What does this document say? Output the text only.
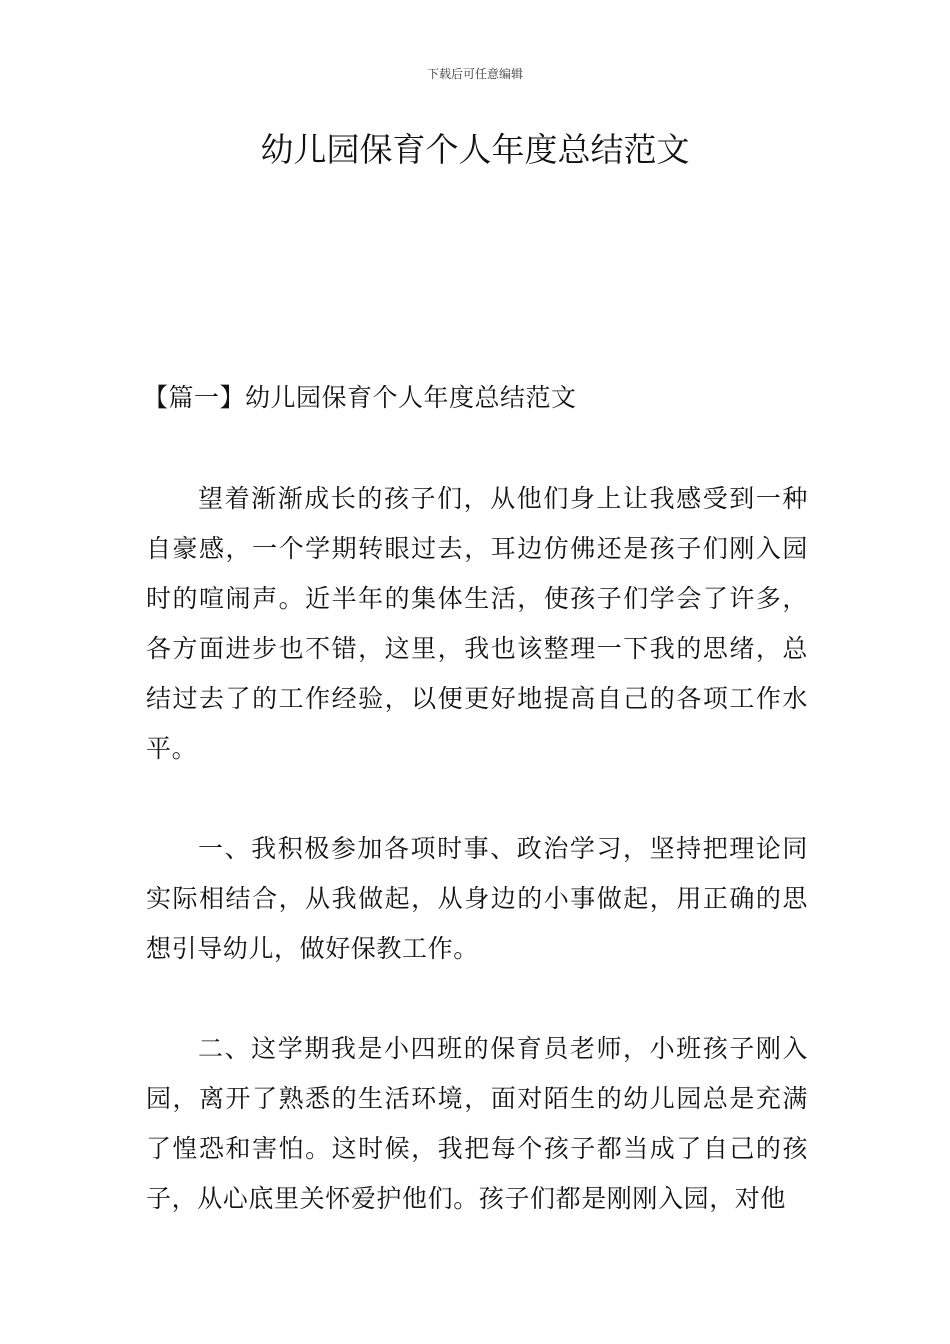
下载后可任意编辑
幼儿园保育个人年度总结范文
【篇一】幼儿园保育个人年度总结范文

望着渐渐成长的孩子们，从他们身上让我感受到一种自豪感，一个学期转眼过去，耳边仿佛还是孩子们刚入园时的喧闹声。近半年的集体生活，使孩子们学会了许多，各方面进步也不错，这里，我也该整理一下我的思绪，总结过去了的工作经验，以便更好地提高自己的各项工作水平。

一、我积极参加各项时事、政治学习，坚持把理论同实际相结合，从我做起，从身边的小事做起，用正确的思想引导幼儿，做好保教工作。

二、这学期我是小四班的保育员老师，小班孩子刚入园，离开了熟悉的生活环境，面对陌生的幼儿园总是充满了惶恐和害怕。这时候，我把每个孩子都当成了自己的孩子，从心底里关怀爱护他们。孩子们都是刚刚入园，对他
